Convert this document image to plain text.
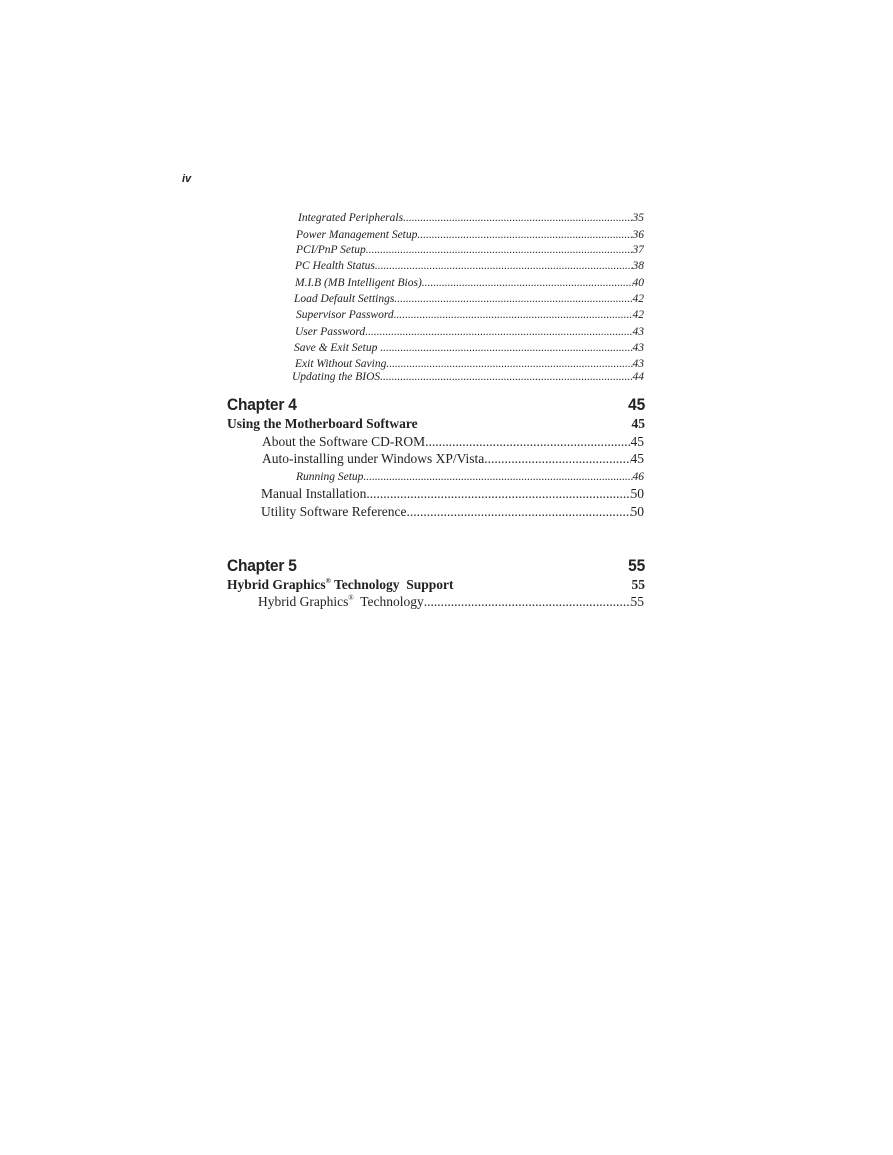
iv
Integrated Peripherals .....	35
Power Management Setup .....	36
PCI/PnP Setup .....	37
PC Health Status .....	38
M.I.B (MB Intelligent Bios) .....	40
Load Default Settings .....	42
Supervisor Password .....	42
User Password .....	43
Save & Exit Setup .....	43
Exit Without Saving .....	43
Updating the BIOS .....	44
Chapter 4	45
Using the Motherboard Software	45
About the Software CD-ROM .....	45
Auto-installing under Windows XP/Vista .....	45
Running Setup .....	46
Manual Installation .....	50
Utility Software Reference .....	50
Chapter 5	55
Hybrid Graphics® Technology  Support	55
Hybrid Graphics®  Technology .....	55
